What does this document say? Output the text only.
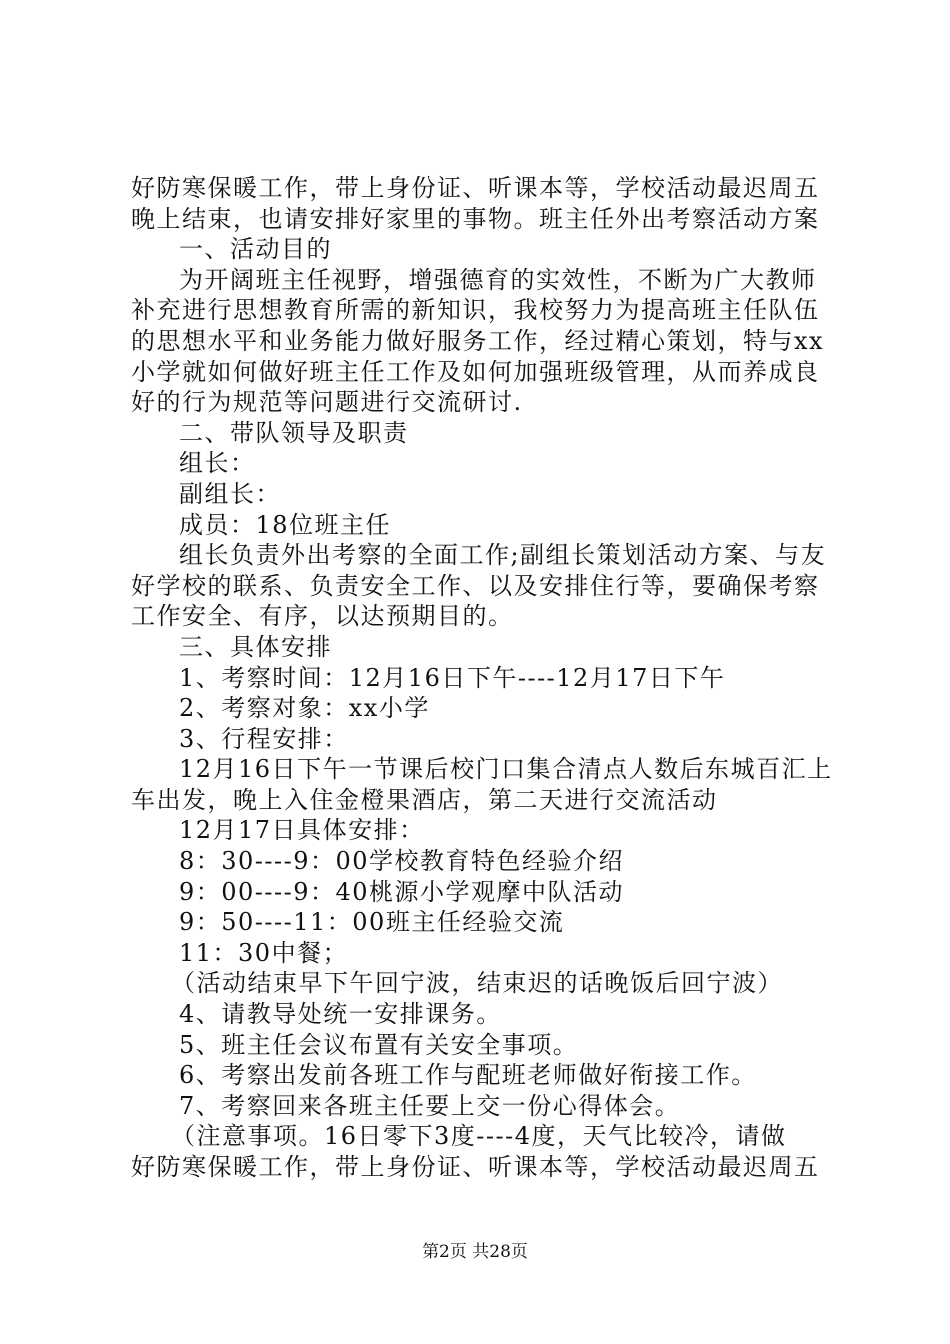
好防寒保暖工作，带上身份证、听课本等，学校活动最迟周五
晚上结束，也请安排好家里的事物。班主任外出考察活动方案
一、活动目的
为开阔班主任视野，增强德育的实效性，不断为广大教师
补充进行思想教育所需的新知识，我校努力为提高班主任队伍
的思想水平和业务能力做好服务工作，经过精心策划，特与xx
小学就如何做好班主任工作及如何加强班级管理，从而养成良
好的行为规范等问题进行交流研讨.
二、带队领导及职责
组长：
副组长：
成员：18位班主任
组长负责外出考察的全面工作;副组长策划活动方案、与友
好学校的联系、负责安全工作、以及安排住行等，要确保考察
工作安全、有序，以达预期目的。
三、具体安排
1、考察时间：12月16日下午----12月17日下午
2、考察对象：xx小学
3、行程安排：
12月16日下午一节课后校门口集合清点人数后东城百汇上
车出发，晚上入住金橙果酒店，第二天进行交流活动
12月17日具体安排：
8：30----9：00学校教育特色经验介绍
9：00----9：40桃源小学观摩中队活动
9：50----11：00班主任经验交流
11：30中餐；
（活动结束早下午回宁波，结束迟的话晚饭后回宁波）
4、请教导处统一安排课务。
5、班主任会议布置有关安全事项。
6、考察出发前各班工作与配班老师做好衔接工作。
7、考察回来各班主任要上交一份心得体会。
（注意事项。16日零下3度----4度，天气比较冷，请做
好防寒保暖工作，带上身份证、听课本等，学校活动最迟周五
第2页 共28页
